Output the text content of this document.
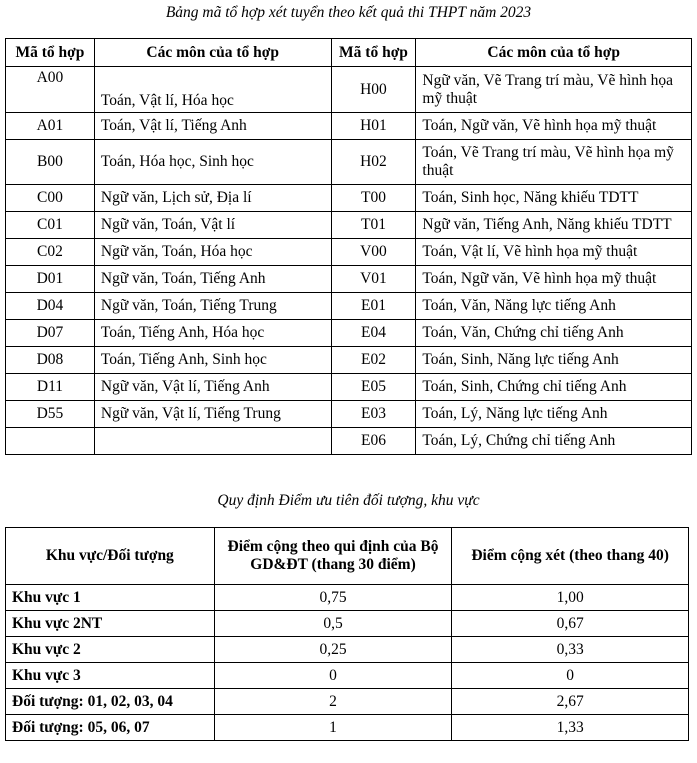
Bảng mã tổ hợp xét tuyển theo kết quả thi THPT năm 2023
Mã tổ hợp	Các môn của tổ hợp	Mã tổ hợp	Các môn của tổ hợp
A00	Toán, Vật lí, Hóa học	H00	Ngữ văn, Vẽ Trang trí màu, Vẽ hình họa mỹ thuật
A01	Toán, Vật lí, Tiếng Anh	H01	Toán, Ngữ văn, Vẽ hình họa mỹ thuật
B00	Toán, Hóa học, Sinh học	H02	Toán, Vẽ Trang trí màu, Vẽ hình họa mỹ thuật
C00	Ngữ văn, Lịch sử, Địa lí	T00	Toán, Sinh học, Năng khiếu TDTT
C01	Ngữ văn, Toán, Vật lí	T01	Ngữ văn, Tiếng Anh, Năng khiếu TDTT
C02	Ngữ văn, Toán, Hóa học	V00	Toán, Vật lí, Vẽ hình họa mỹ thuật
D01	Ngữ văn, Toán, Tiếng Anh	V01	Toán, Ngữ văn, Vẽ hình họa mỹ thuật
D04	Ngữ văn, Toán, Tiếng Trung	E01	Toán, Văn, Năng lực tiếng Anh
D07	Toán, Tiếng Anh, Hóa học	E04	Toán, Văn, Chứng chỉ tiếng Anh
D08	Toán, Tiếng Anh, Sinh học	E02	Toán, Sinh, Năng lực tiếng Anh
D11	Ngữ văn, Vật lí, Tiếng Anh	E05	Toán, Sinh, Chứng chỉ tiếng Anh
D55	Ngữ văn, Vật lí, Tiếng Trung	E03	Toán, Lý, Năng lực tiếng Anh
		E06	Toán, Lý, Chứng chỉ tiếng Anh
Quy định Điểm ưu tiên đối tượng, khu vực
Khu vực/Đối tượng	Điểm cộng theo qui định của Bộ GD&ĐT (thang 30 điểm)	Điểm cộng xét (theo thang 40)
Khu vực 1	0,75	1,00
Khu vực 2NT	0,5	0,67
Khu vực 2	0,25	0,33
Khu vực 3	0	0
Đối tượng: 01, 02, 03, 04	2	2,67
Đối tượng: 05, 06, 07	1	1,33
